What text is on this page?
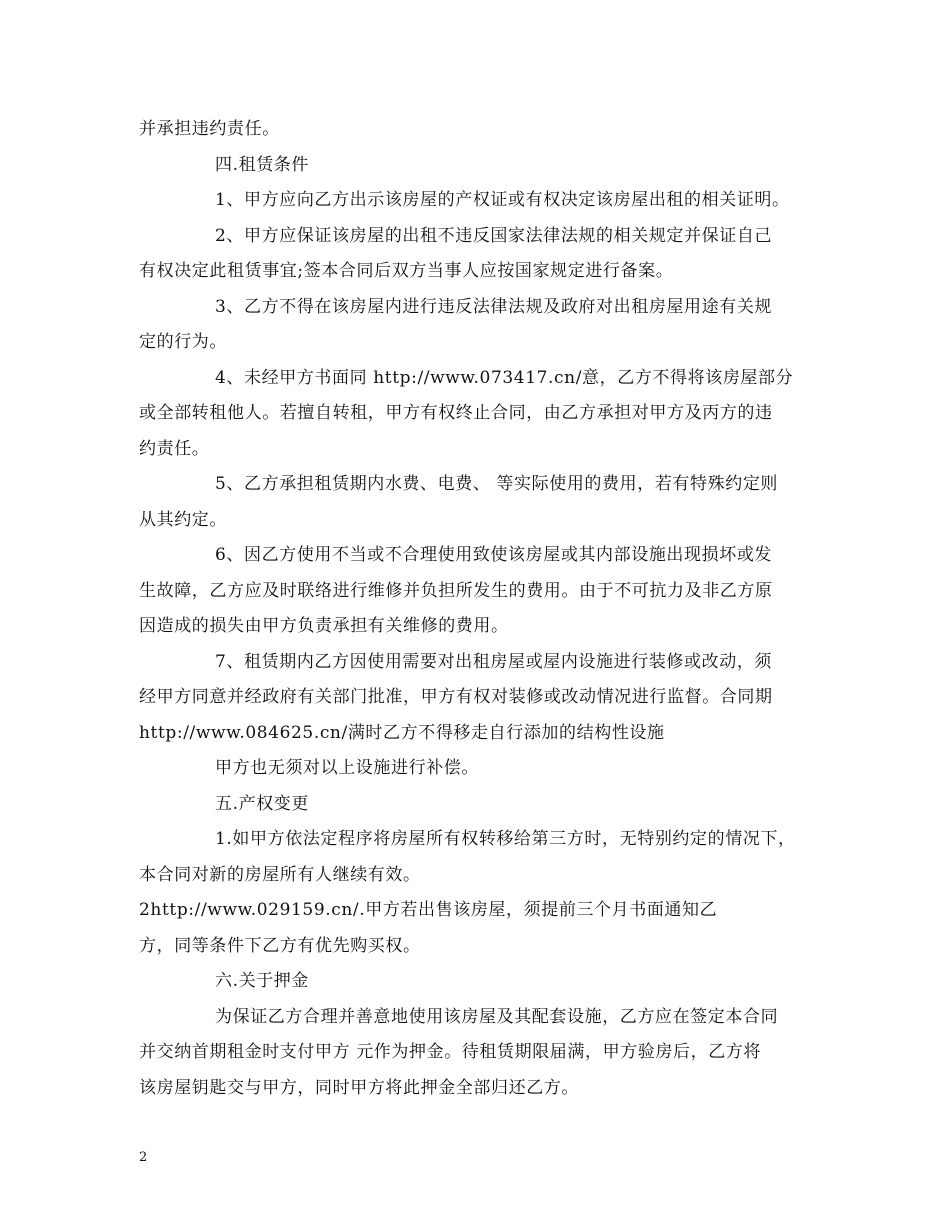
并承担违约责任。
四.租赁条件
1、甲方应向乙方出示该房屋的产权证或有权决定该房屋出租的相关证明。
2、甲方应保证该房屋的出租不违反国家法律法规的相关规定并保证自己
有权决定此租赁事宜;签本合同后双方当事人应按国家规定进行备案。
3、乙方不得在该房屋内进行违反法律法规及政府对出租房屋用途有关规
定的行为。
4、未经甲方书面同 http://www.073417.cn/意，乙方不得将该房屋部分
或全部转租他人。若擅自转租，甲方有权终止合同，由乙方承担对甲方及丙方的违
约责任。
5、乙方承担租赁期内水费、电费、 等实际使用的费用，若有特殊约定则
从其约定。
6、因乙方使用不当或不合理使用致使该房屋或其内部设施出现损坏或发
生故障，乙方应及时联络进行维修并负担所发生的费用。由于不可抗力及非乙方原
因造成的损失由甲方负责承担有关维修的费用。
7、租赁期内乙方因使用需要对出租房屋或屋内设施进行装修或改动，须
经甲方同意并经政府有关部门批准，甲方有权对装修或改动情况进行监督。合同期
http://www.084625.cn/满时乙方不得移走自行添加的结构性设施
甲方也无须对以上设施进行补偿。
五.产权变更
1.如甲方依法定程序将房屋所有权转移给第三方时，无特别约定的情况下，
本合同对新的房屋所有人继续有效。
2http://www.029159.cn/.甲方若出售该房屋，须提前三个月书面通知乙
方，同等条件下乙方有优先购买权。
六.关于押金
为保证乙方合理并善意地使用该房屋及其配套设施，乙方应在签定本合同
并交纳首期租金时支付甲方 元作为押金。待租赁期限届满，甲方验房后，乙方将
该房屋钥匙交与甲方，同时甲方将此押金全部归还乙方。
2
